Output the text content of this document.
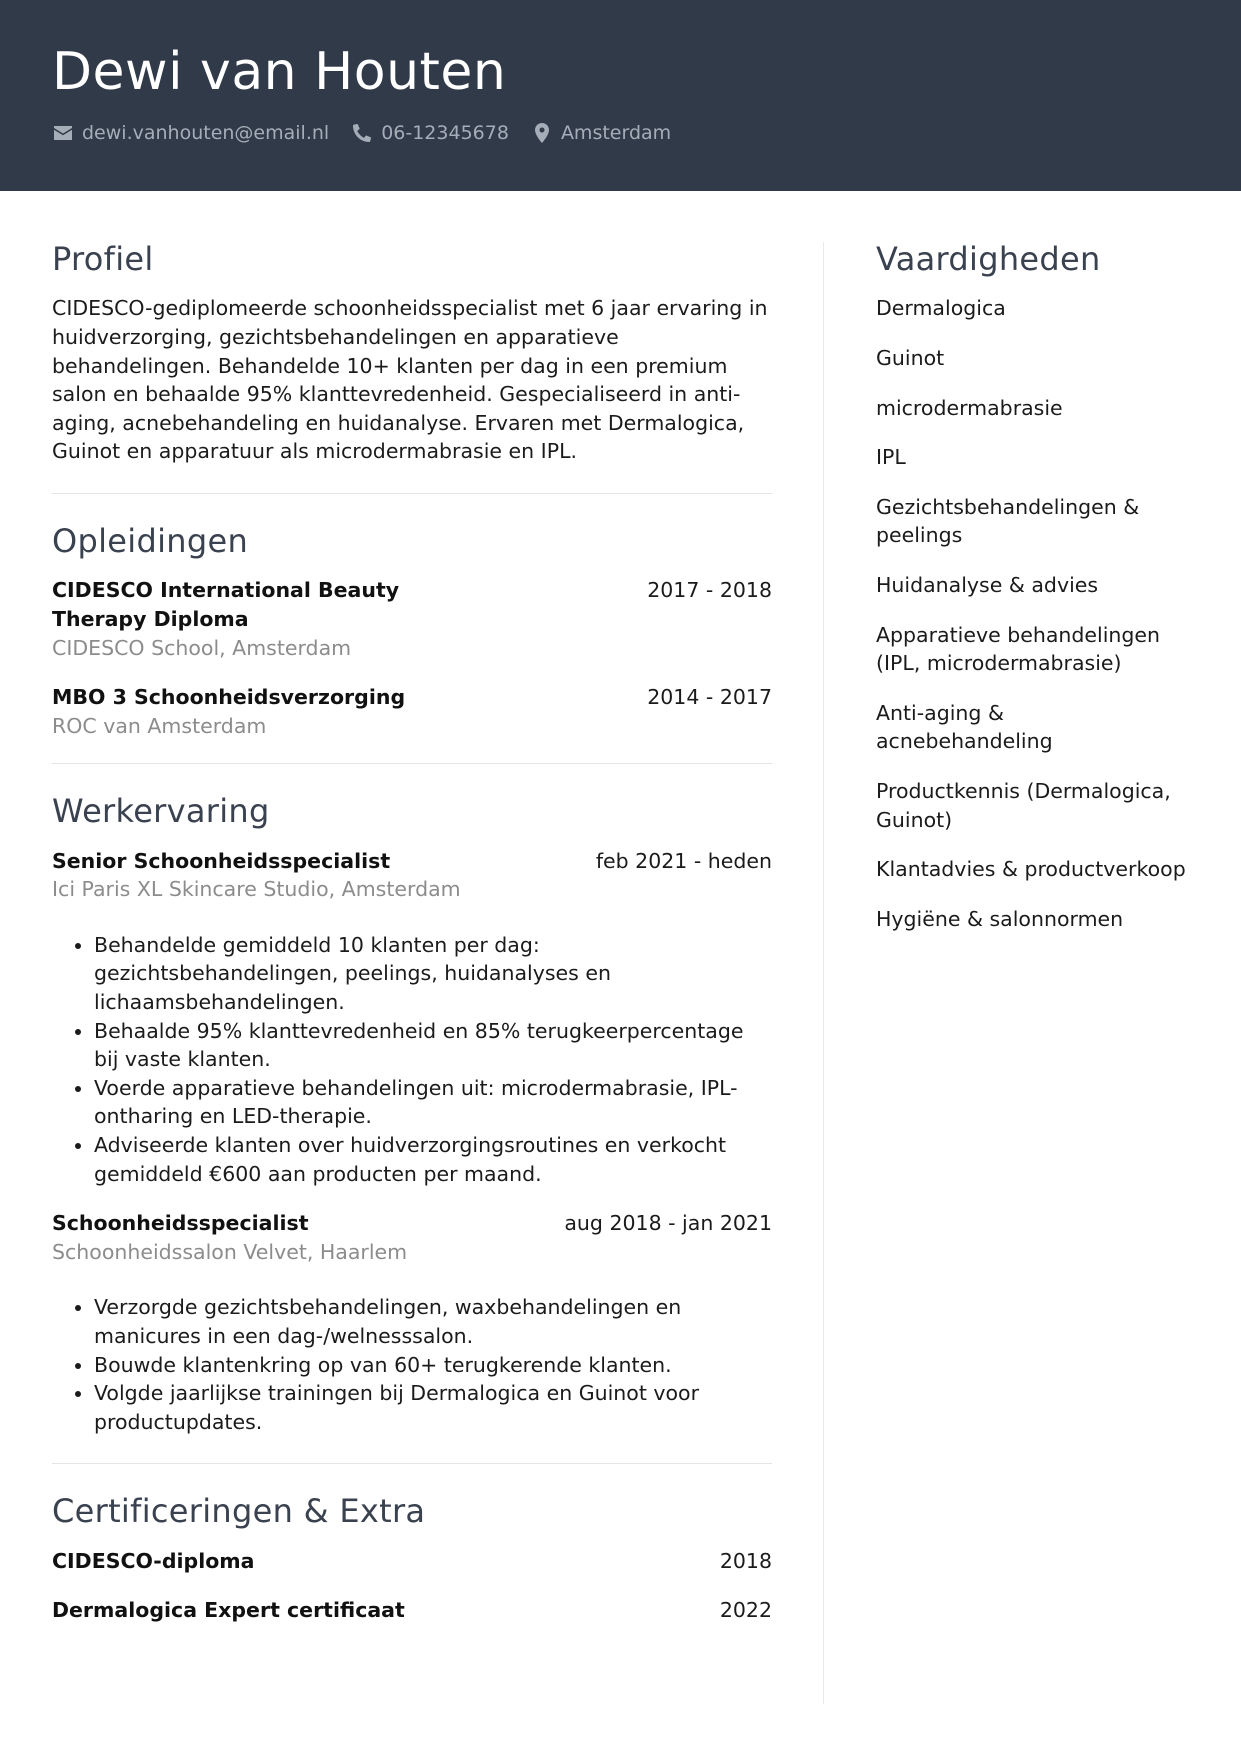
Dewi van Houten
dewi.vanhouten@email.nl	06-12345678	Amsterdam
Profiel

CIDESCO-gediplomeerde schoonheidsspecialist met 6 jaar ervaring in huidverzorging, gezichtsbehandelingen en apparatieve behandelingen. Behandelde 10+ klanten per dag in een premium salon en behaalde 95% klanttevredenheid. Gespecialiseerd in anti-aging, acnebehandeling en huidanalyse. Ervaren met Dermalogica, Guinot en apparatuur als microdermabrasie en IPL.

Opleidingen
CIDESCO International Beauty Therapy Diploma
2017 - 2018
CIDESCO School, Amsterdam
MBO 3 Schoonheidsverzorging	2014 - 2017
ROC van Amsterdam
Werkervaring
Senior Schoonheidsspecialist	feb 2021 - heden
Ici Paris XL Skincare Studio, Amsterdam
• Behandelde gemiddeld 10 klanten per dag: gezichtsbehandelingen, peelings, huidanalyses en lichaamsbehandelingen.
• Behaalde 95% klanttevredenheid en 85% terugkeerpercentage bij vaste klanten.
• Voerde apparatieve behandelingen uit: microdermabrasie, IPL-ontharing en LED-therapie.
• Adviseerde klanten over huidverzorgingsroutines en verkocht gemiddeld €600 aan producten per maand.
Schoonheidsspecialist	aug 2018 - jan 2021
Schoonheidssalon Velvet, Haarlem
• Verzorgde gezichtsbehandelingen, waxbehandelingen en manicures in een dag-/welnesssalon.
• Bouwde klantenkring op van 60+ terugkerende klanten.
• Volgde jaarlijkse trainingen bij Dermalogica en Guinot voor productupdates.
Certificeringen & Extra
CIDESCO-diploma	2018
Dermalogica Expert certificaat	2022
Vaardigheden
Dermalogica
Guinot
microdermabrasie
IPL
Gezichtsbehandelingen & peelings
Huidanalyse & advies
Apparatieve behandelingen (IPL, microdermabrasie)
Anti-aging & acnebehandeling
Productkennis (Dermalogica, Guinot)
Klantadvies & productverkoop
Hygiëne & salonnormen
